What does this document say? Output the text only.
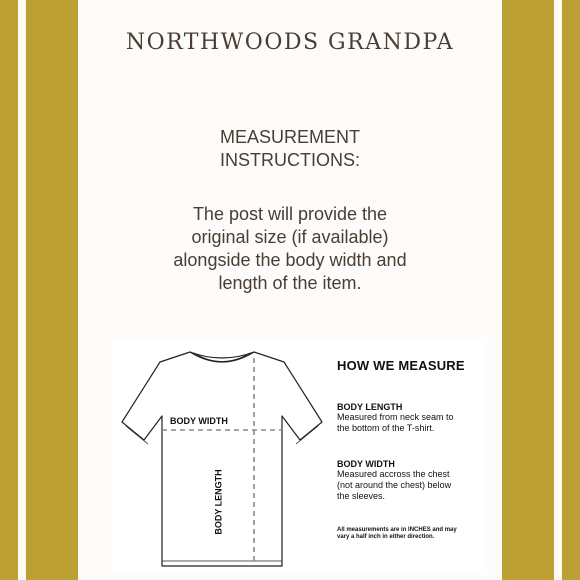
NORTHWOODS GRANDPA
MEASUREMENT
INSTRUCTIONS:
The post will provide the
original size (if available)
alongside the body width and
length of the item.
BODY WIDTH
BODY LENGTH
HOW WE MEASURE
BODY LENGTH
Measured from neck seam to the bottom of the T-shirt.
BODY WIDTH
Measured accross the chest (not around the chest) below the sleeves.
All measurements are in INCHES and may vary a half inch in either direction.
